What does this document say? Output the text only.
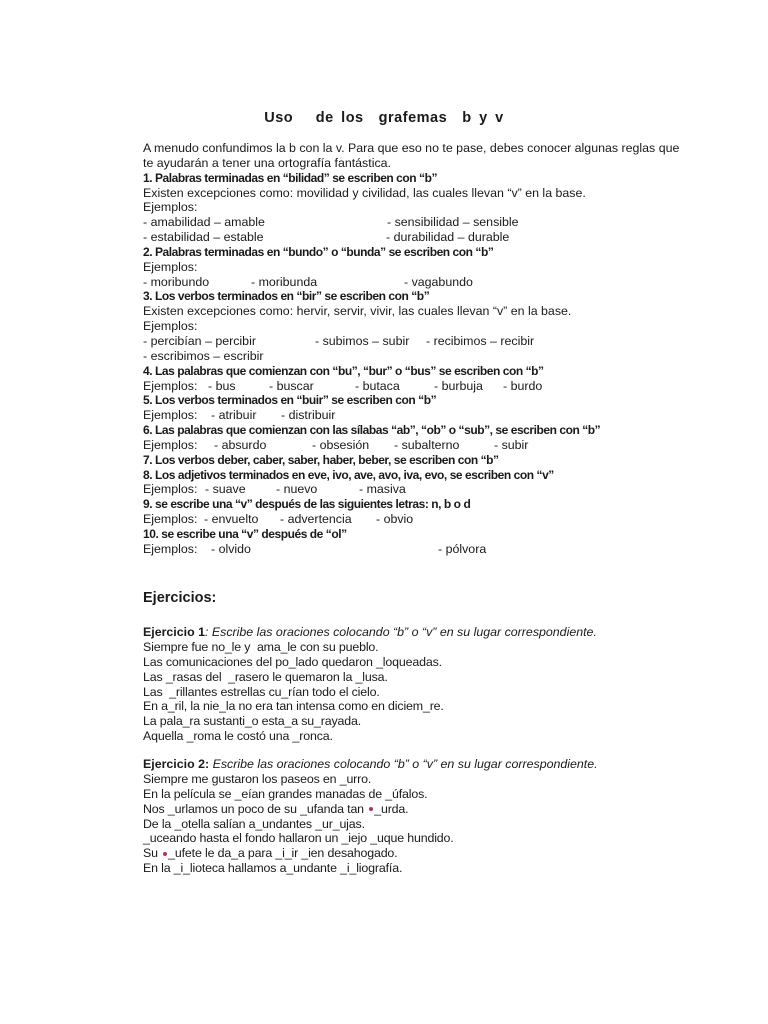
Uso   de los  grafemas  b y v
A menudo confundimos la b con la v. Para que eso no te pase, debes conocer algunas reglas que te ayudarán a tener una ortografía fantástica.
1. Palabras terminadas en “bilidad” se escriben con “b”
Existen excepciones como: movilidad y civilidad, las cuales llevan “v” en la base.
Ejemplos:
- amabilidad – amable	- sensibilidad – sensible
- estabilidad – estable	- durabilidad – durable
2. Palabras terminadas en “bundo” o “bunda” se escriben con “b”
Ejemplos:
- moribundo	- moribunda	- vagabundo
3. Los verbos terminados en “bir” se escriben con “b”
Existen excepciones como: hervir, servir, vivir, las cuales llevan “v” en la base.
Ejemplos:
- percibían – percibir	- subimos – subir - recibimos – recibir
- escribimos – escribir
4. Las palabras que comienzan con “bu”, “bur” o “bus” se escriben con “b”
Ejemplos: - bus	- buscar	- butaca	- burbuja - burdo
5. Los verbos terminados en “buir” se escriben con “b”
Ejemplos: - atribuir - distribuir
6. Las palabras que comienzan con las sílabas “ab”, “ob” o “sub”, se escriben con “b”
Ejemplos: - absurdo	- obsesión - subalterno	- subir
7. Los verbos deber, caber, saber, haber, beber, se escriben con “b”
8. Los adjetivos terminados en eve, ivo, ave, avo, iva, evo, se escriben con “v”
Ejemplos: - suave - nuevo	- masiva
9. se escribe una “v” después de las siguientes letras: n, b o d
Ejemplos: - envuelto - advertencia - obvio
10. se escribe una “v” después de “ol”
Ejemplos: - olvido	- pólvora
Ejercicios:
Ejercicio 1: Escribe las oraciones colocando “b” o “v” en su lugar correspondiente.
Siempre fue no_le y  ama_le con su pueblo.
Las comunicaciones del po_lado quedaron _loqueadas.
Las _rasas del  _rasero le quemaron la _lusa.
Las  _rillantes estrellas cu_rían todo el cielo.
En a_ril, la nie_la no era tan intensa como en diciem_re.
La pala_ra sustanti_o esta_a su_rayada.
Aquella _roma le costó una _ronca.
Ejercicio 2: Escribe las oraciones colocando “b” o “v” en su lugar correspondiente.
Siempre me gustaron los paseos en _urro.
En la película se _eían grandes manadas de _úfalos.
Nos _urlamos un poco de su _ufanda tan _urda.
De la _otella salían a_undantes _ur_ujas.
_uceando hasta el fondo hallaron un _iejo _uque hundido.
Su _ufete le da_a para _i_ir _ien desahogado.
En la _i_lioteca hallamos a_undante _i_liografía.
